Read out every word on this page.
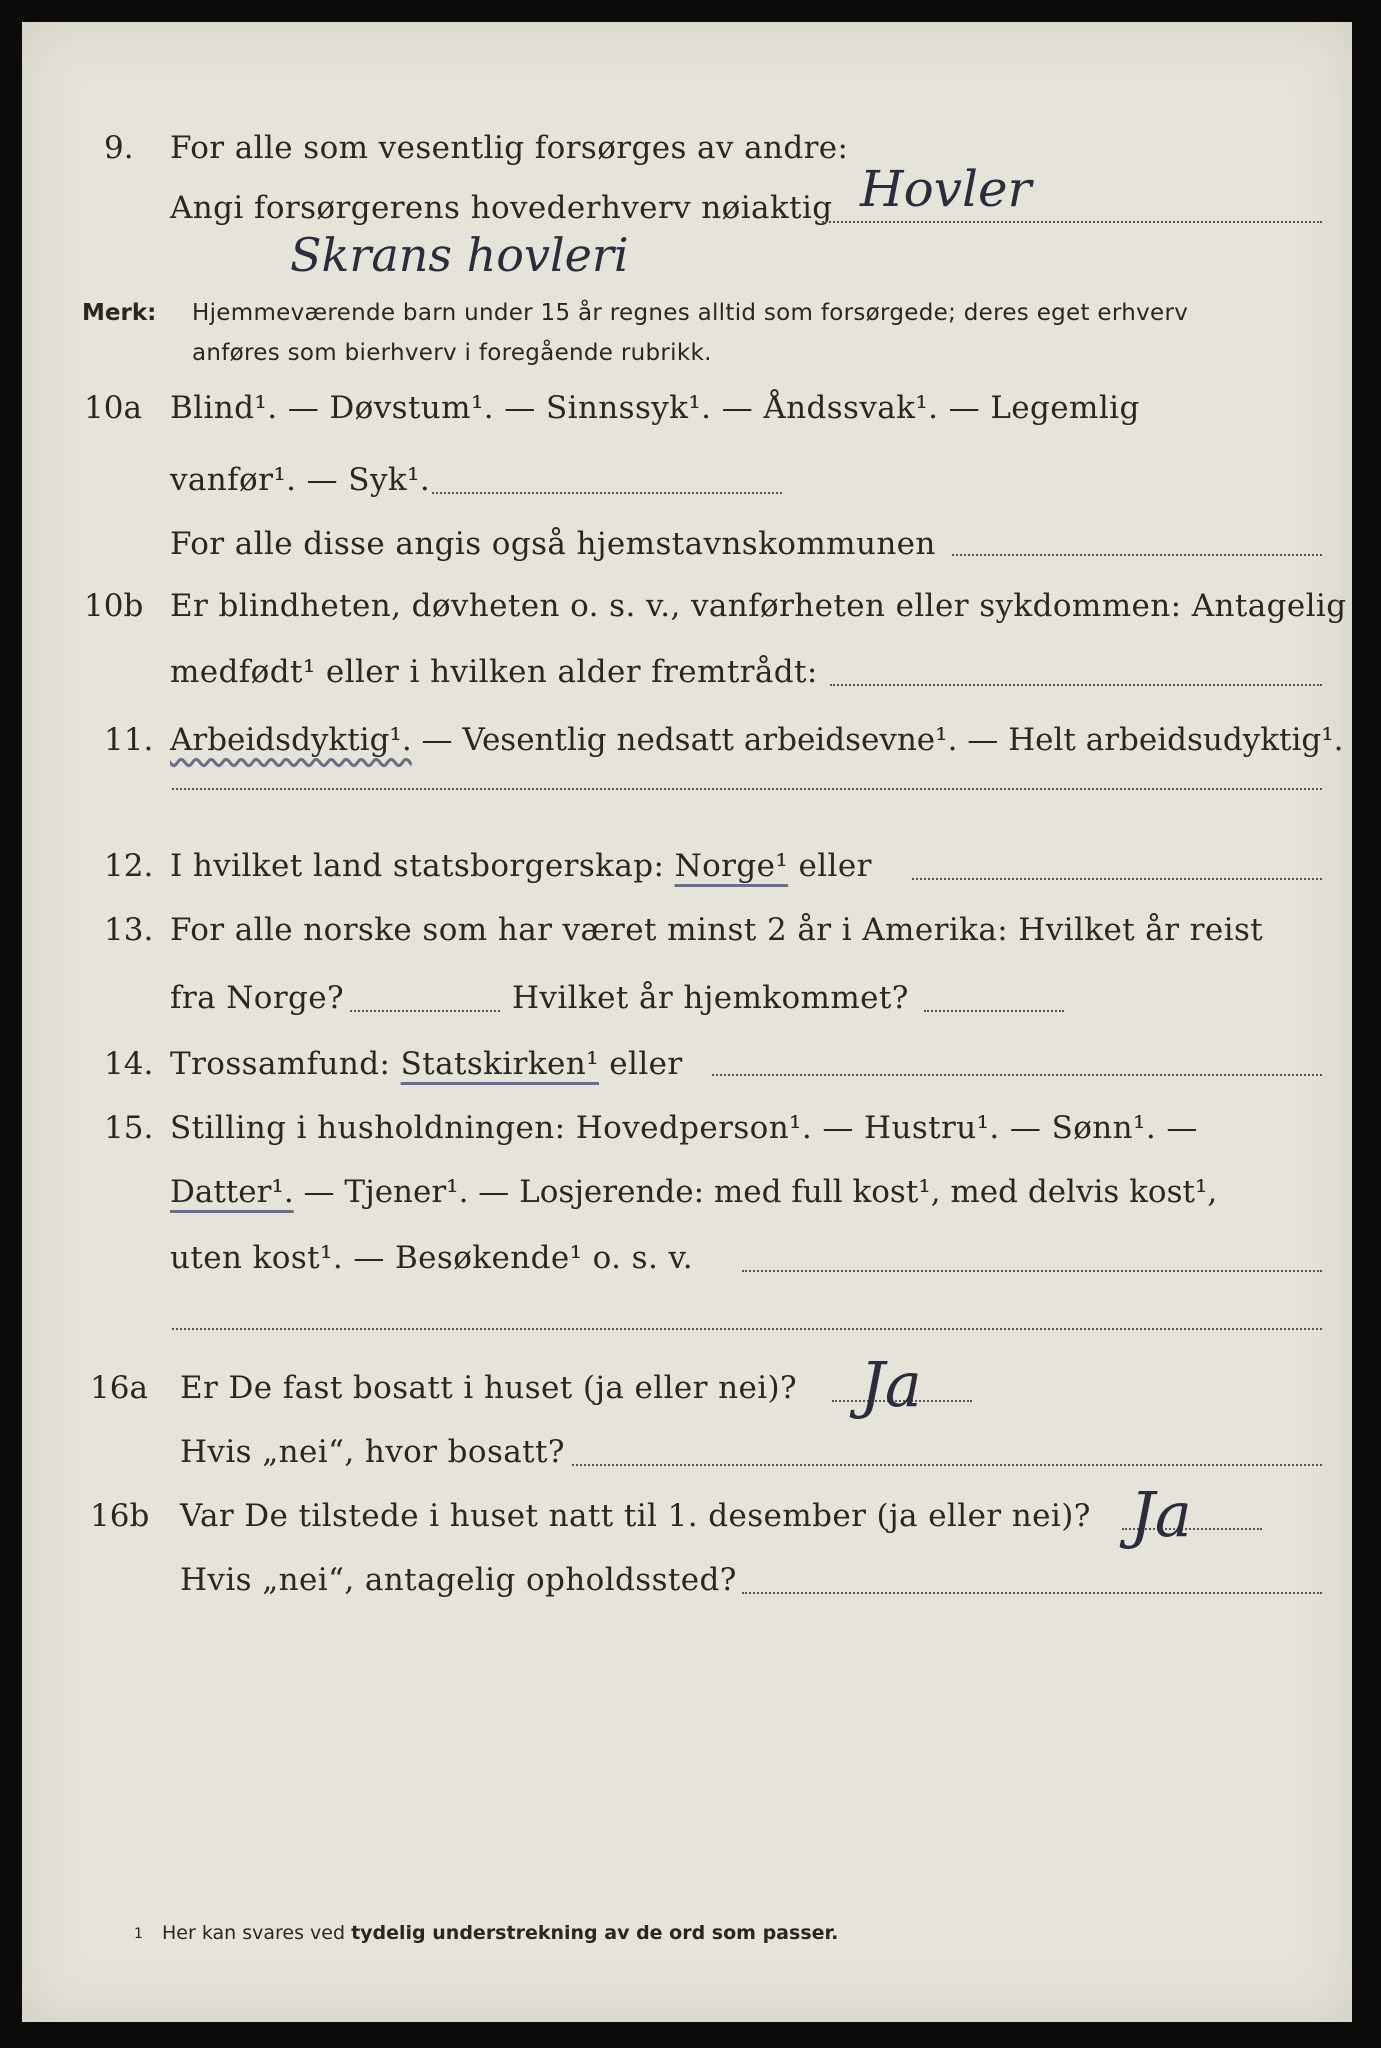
9. For alle som vesentlig forsørges av andre:
Angi forsørgerens hovederhverv nøiaktig Hovler
Skrans hovleri
Merk: Hjemmeværende barn under 15 år regnes alltid som forsørgede; deres eget erhverv
anføres som bierhverv i foregående rubrikk.
10a Blind¹. — Døvstum¹. — Sinnssyk¹. — Åndssvak¹. — Legemlig
vanfør¹. — Syk¹.
For alle disse angis også hjemstavnskommunen
10b Er blindheten, døvheten o. s. v., vanførheten eller sykdommen: Antagelig
medfødt¹ eller i hvilken alder fremtrådt:
11. Arbeidsdyktig¹. — Vesentlig nedsatt arbeidsevne¹. — Helt arbeidsudyktig¹.
12. I hvilket land statsborgerskap: Norge¹ eller
13. For alle norske som har været minst 2 år i Amerika: Hvilket år reist
fra Norge?	Hvilket år hjemkommet?
14. Trossamfund: Statskirken¹ eller
15. Stilling i husholdningen: Hovedperson¹. — Hustru¹. — Sønn¹. —
Datter¹. — Tjener¹. — Losjerende: med full kost¹, med delvis kost¹,
uten kost¹. — Besøkende¹ o. s. v.
16a Er De fast bosatt i huset (ja eller nei)?
Hvis „nei“, hvor bosatt?
Ja
16b Var De tilstede i huset natt til 1. desember (ja eller nei)?
Hvis „nei“, antagelig opholdssted?
Ja
1 Her kan svares ved tydelig understrekning av de ord som passer.
